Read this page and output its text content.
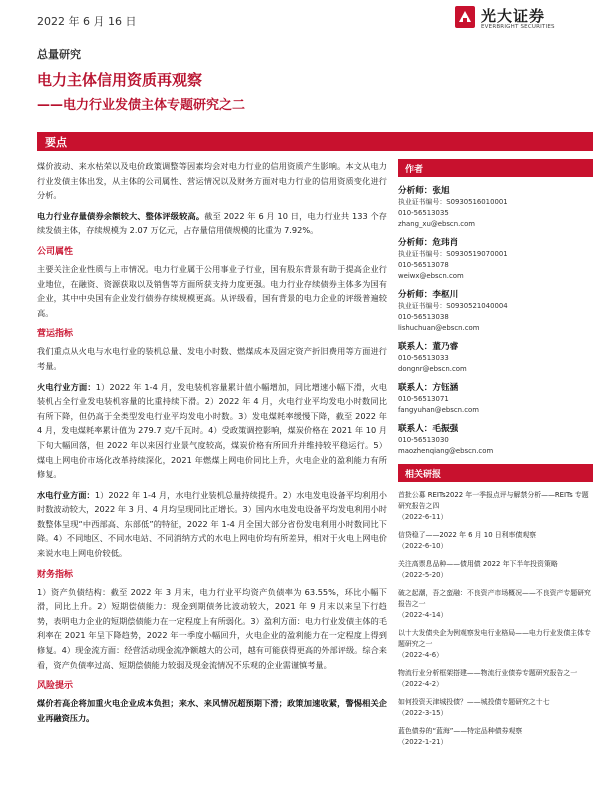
2022 年 6 月 16 日	光大证券
EVERBRIGHT SECURITIES
总量研究
电力主体信用资质再观察
——电力行业发债主体专题研究之二
要点

煤价波动、来水枯荣以及电价政策调整等因素均会对电力行业的信用资质产生影响。本文从电力行业发债主体出发，从主体的公司属性、营运情况以及财务方面对电力行业的信用资质变化进行分析。

电力行业存量债券余额较大、整体评级较高。截至 2022 年 6 月 10 日，电力行业共 133 个存续发债主体，存续规模为 2.07 万亿元，占存量信用债规模的比重为 7.92%。

公司属性

主要关注企业性质与上市情况。电力行业属于公用事业子行业，国有股东背景有助于提高企业行业地位，在融资、资源获取以及销售等方面所获支持力度更强。电力行业存续债券主体多为国有企业，其中中央国有企业发行债券存续规模更高。从评级看，国有背景的电力企业的评级普遍较高。

营运指标

我们重点从火电与水电行业的装机总量、发电小时数、燃煤成本及固定资产折旧费用等方面进行考量。

火电行业方面：1）2022 年 1-4 月，发电装机容量累计值小幅增加，同比增速小幅下滑，火电装机占全行业发电装机容量的比重持续下滑。2）2022 年 4 月，火电行业平均发电小时数同比有所下降，但仍高于全类型发电行业平均发电小时数。3）发电煤耗率缓慢下降，截至 2022 年 4 月，发电煤耗率累计值为 279.7 克/千瓦时。4）受政策调控影响，煤炭价格在 2021 年 10 月下旬大幅回落，但 2022 年以来因行业景气度较高，煤炭价格有所回升并维持较平稳运行。5）煤电上网电价市场化改革持续深化，2021 年燃煤上网电价同比上升，火电企业的盈利能力有所修复。

水电行业方面：1）2022 年 1-4 月，水电行业装机总量持续提升。2）水电发电设备平均利用小时数波动较大，2022 年 3 月、4 月均呈现同比正增长。3）国内水电发电设备平均发电利用小时数整体呈现“中西部高、东部低”的特征，2022 年 1-4 月全国大部分省份发电利用小时数同比下降。4）不同地区、不同水电站、不同消纳方式的水电上网电价均有所差异，相对于火电上网电价来说水电上网电价较低。

财务指标

1）资产负债结构：截至 2022 年 3 月末，电力行业平均资产负债率为 63.55%，环比小幅下滑，同比上升。2）短期偿债能力：现金到期债务比波动较大，2021 年 9 月末以来呈下行趋势，表明电力企业的短期偿债能力在一定程度上有所弱化。3）盈利方面：电力行业发债主体的毛利率在 2021 年呈下降趋势，2022 年一季度小幅回升，火电企业的盈利能力在一定程度上得到修复。4）现金流方面：经营活动现金流净额越大的公司，越有可能获得更高的外部评级。综合来看，资产负债率过高、短期偿债能力较弱及现金流情况不乐观的企业需谨慎考量。

风险提示

煤价若高企将加重火电企业成本负担；来水、来风情况超预期下滑；政策加速收紧，警惕相关企业再融资压力。

作者
分析师：张旭
执业证书编号：S0930516010001
010-56513035
zhang_xu@ebscn.com
分析师：危玮肖
执业证书编号：S0930519070001
010-56513078
weiwx@ebscn.com
分析师：李枢川
执业证书编号：S0930521040004
010-56513038
lishuchuan@ebscn.com
联系人：董乃睿
010-56513033
dongnr@ebscn.com
联系人：方钰涵
010-56513071
fangyuhan@ebscn.com
联系人：毛振强
010-56513030
maozhenqiang@ebscn.com
相关研报
首批公募 REITs2022 年一季报点评与解禁分析——REITs 专题研究报告之四
（2022-6-11）
信贷稳了——2022 年 6 月 10 日利率债观察
（2022-6-10）
关注高票息品种——债用债 2022 年下半年投资策略
（2022-5-20）
破之起潮，吾之蛮融：不良资产市场概况——不良资产专题研究报告之一
（2022-4-14）
以十大发债央企为例观察发电行业格局——电力行业发债主体专题研究之一
（2022-4-6）
物流行业分析框架搭建——物流行业债券专题研究报告之一
（2022-4-2）
如何投资天津城投债？——城投债专题研究之十七
（2022-3-15）
蓝色债券的“蓝海”——特定品种债券观察
（2022-1-21）
